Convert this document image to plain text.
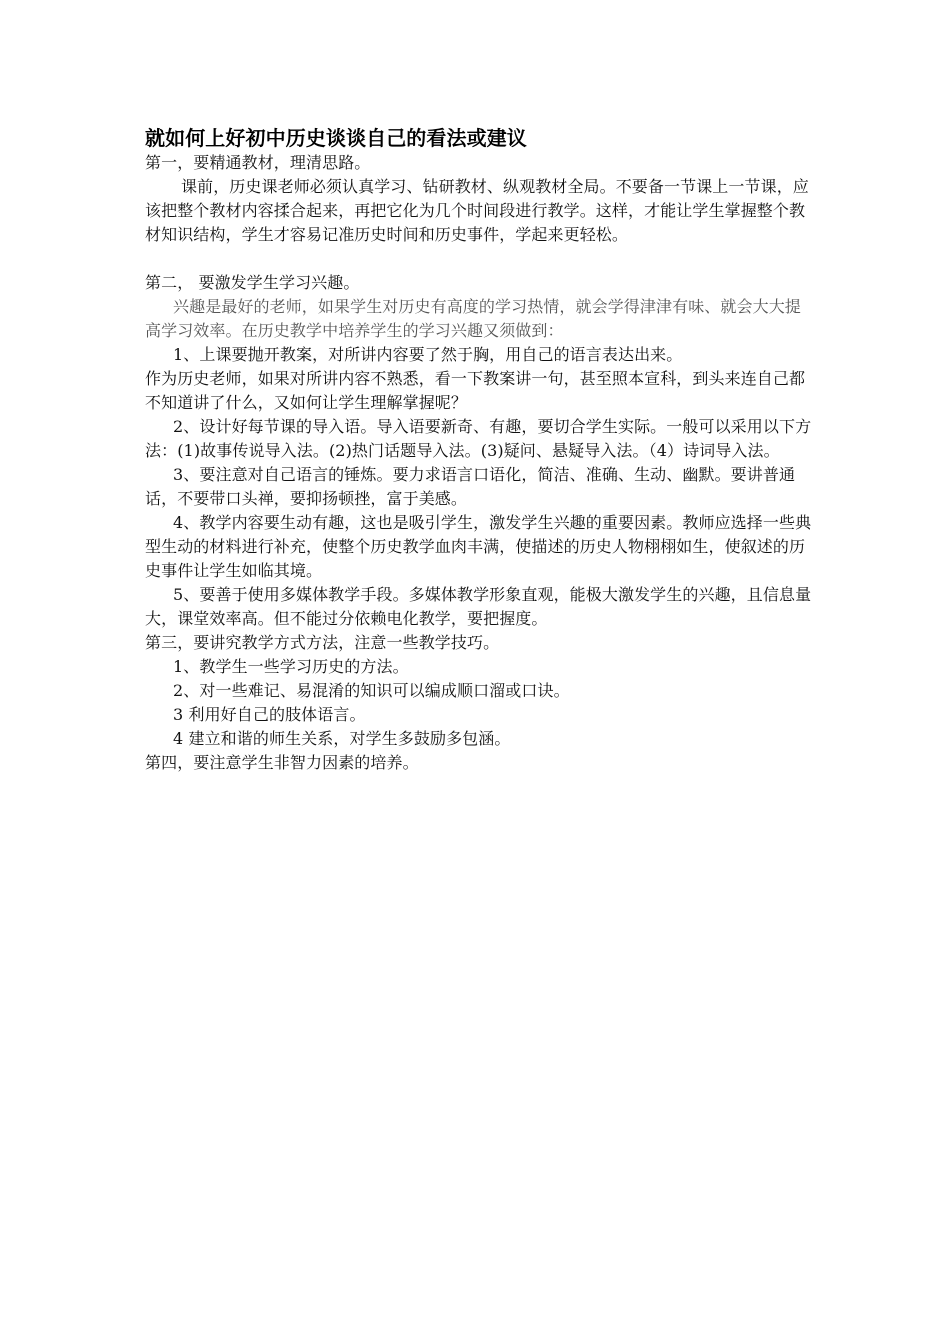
就如何上好初中历史谈谈自己的看法或建议

第一，要精通教材，理清思路。

课前，历史课老师必须认真学习、钻研教材、纵观教材全局。不要备一节课上一节课，应该把整个教材内容揉合起来，再把它化为几个时间段进行教学。这样，才能让学生掌握整个教材知识结构，学生才容易记准历史时间和历史事件，学起来更轻松。

第二， 要激发学生学习兴趣。

兴趣是最好的老师，如果学生对历史有高度的学习热情，就会学得津津有味、就会大大提高学习效率。在历史教学中培养学生的学习兴趣又须做到：

1、上课要抛开教案，对所讲内容要了然于胸，用自己的语言表达出来。

作为历史老师，如果对所讲内容不熟悉，看一下教案讲一句，甚至照本宣科，到头来连自己都不知道讲了什么，又如何让学生理解掌握呢？

2、设计好每节课的导入语。导入语要新奇、有趣，要切合学生实际。一般可以采用以下方法：(1)故事传说导入法。(2)热门话题导入法。(3)疑问、悬疑导入法。（4）诗词导入法。

3、要注意对自己语言的锤炼。要力求语言口语化，简洁、准确、生动、幽默。要讲普通话，不要带口头禅，要抑扬顿挫，富于美感。

4、教学内容要生动有趣，这也是吸引学生，激发学生兴趣的重要因素。教师应选择一些典型生动的材料进行补充，使整个历史教学血肉丰满，使描述的历史人物栩栩如生，使叙述的历史事件让学生如临其境。

5、要善于使用多媒体教学手段。多媒体教学形象直观，能极大激发学生的兴趣，且信息量大，课堂效率高。但不能过分依赖电化教学，要把握度。

第三，要讲究教学方式方法，注意一些教学技巧。

1、教学生一些学习历史的方法。

2、对一些难记、易混淆的知识可以编成顺口溜或口诀。

3 利用好自己的肢体语言。

4 建立和谐的师生关系，对学生多鼓励多包涵。

第四，要注意学生非智力因素的培养。
